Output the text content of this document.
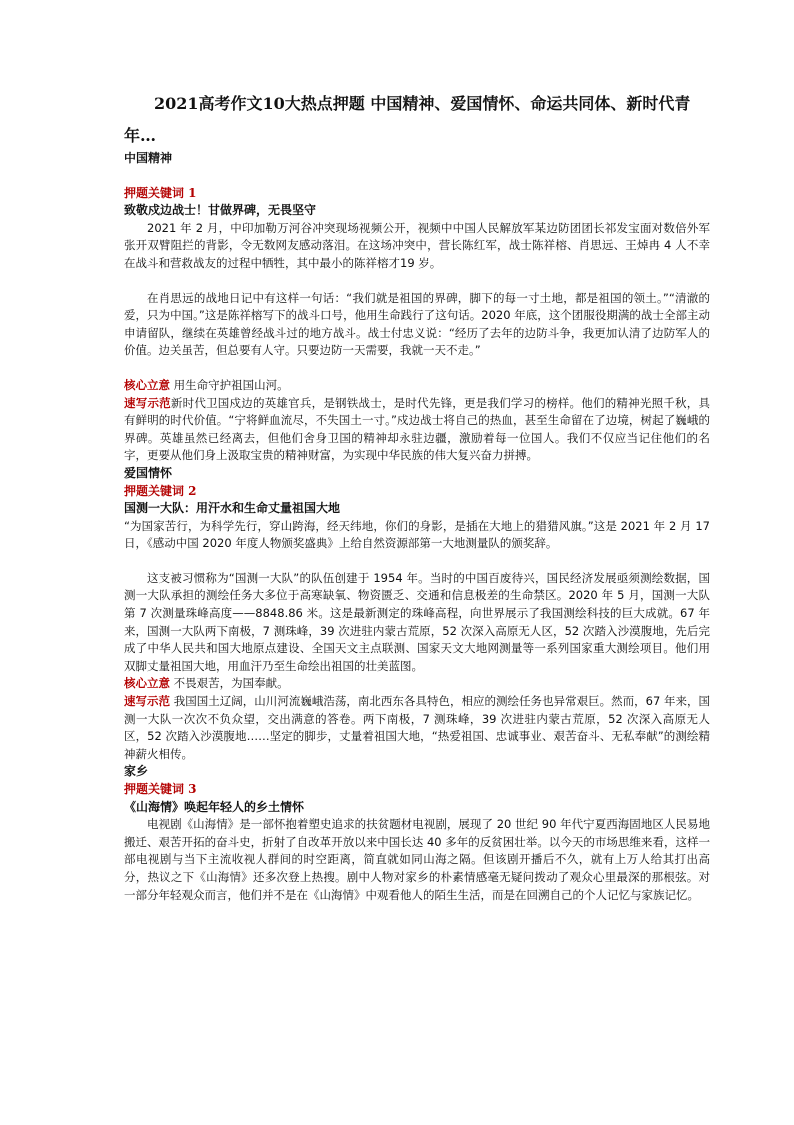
2021高考作文10大热点押题 中国精神、爱国情怀、命运共同体、新时代青年…

中国精神

押题关键词 1

致敬戍边战士！甘做界碑，无畏坚守

2021 年 2 月，中印加勒万河谷冲突现场视频公开，视频中中国人民解放军某边防团团长祁发宝面对数倍外军张开双臂阻拦的背影，令无数网友感动落泪。在这场冲突中，营长陈红军，战士陈祥榕、肖思远、王焯冉 4 人不幸在战斗和营救战友的过程中牺牲，其中最小的陈祥榕才19 岁。

在肖思远的战地日记中有这样一句话：“我们就是祖国的界碑，脚下的每一寸土地，都是祖国的领土。”“清澈的爱，只为中国。”这是陈祥榕写下的战斗口号，他用生命践行了这句话。2020 年底，这个团服役期满的战士全部主动申请留队，继续在英雄曾经战斗过的地方战斗。战士付忠义说：“经历了去年的边防斗争，我更加认清了边防军人的价值。边关虽苦，但总要有人守。只要边防一天需要，我就一天不走。”

核心立意 用生命守护祖国山河。

速写示范新时代卫国戍边的英雄官兵，是钢铁战士，是时代先锋，更是我们学习的榜样。他们的精神光照千秋，具有鲜明的时代价值。“宁将鲜血流尽，不失国土一寸。”戍边战士将自己的热血，甚至生命留在了边境，树起了巍峨的界碑。英雄虽然已经离去，但他们舍身卫国的精神却永驻边疆，激励着每一位国人。我们不仅应当记住他们的名字，更要从他们身上汲取宝贵的精神财富，为实现中华民族的伟大复兴奋力拼搏。

爱国情怀

押题关键词 2

国测一大队：用汗水和生命丈量祖国大地

“为国家苦行，为科学先行，穿山跨海，经天纬地，你们的身影，是插在大地上的猎猎风旗。”这是 2021 年 2 月 17 日，《感动中国 2020 年度人物颁奖盛典》上给自然资源部第一大地测量队的颁奖辞。

这支被习惯称为“国测一大队”的队伍创建于 1954 年。当时的中国百废待兴，国民经济发展亟须测绘数据，国测一大队承担的测绘任务大多位于高寒缺氧、物资匮乏、交通和信息极差的生命禁区。2020 年 5 月，国测一大队第 7 次测量珠峰高度——8848.86 米。这是最新测定的珠峰高程，向世界展示了我国测绘科技的巨大成就。67 年来，国测一大队两下南极，7 测珠峰，39 次进驻内蒙古荒原，52 次深入高原无人区，52 次踏入沙漠腹地，先后完成了中华人民共和国大地原点建设、全国天文主点联测、国家天文大地网测量等一系列国家重大测绘项目。他们用双脚丈量祖国大地，用血汗乃至生命绘出祖国的壮美蓝图。

核心立意 不畏艰苦，为国奉献。

速写示范 我国国土辽阔，山川河流巍峨浩荡，南北西东各具特色，相应的测绘任务也异常艰巨。然而，67 年来，国测一大队一次次不负众望，交出满意的答卷。两下南极，7 测珠峰，39 次进驻内蒙古荒原，52 次深入高原无人区，52 次踏入沙漠腹地……坚定的脚步，丈量着祖国大地，“热爱祖国、忠诚事业、艰苦奋斗、无私奉献”的测绘精神薪火相传。

家乡

押题关键词 3

《山海情》唤起年轻人的乡土情怀

电视剧《山海情》是一部怀抱着塑史追求的扶贫题材电视剧，展现了 20 世纪 90 年代宁夏西海固地区人民易地搬迁、艰苦开拓的奋斗史，折射了自改革开放以来中国长达 40 多年的反贫困壮举。以今天的市场思维来看，这样一部电视剧与当下主流收视人群间的时空距离，简直就如同山海之隔。但该剧开播后不久，就有上万人给其打出高分，热议之下《山海情》还多次登上热搜。剧中人物对家乡的朴素情感毫无疑问拨动了观众心里最深的那根弦。对一部分年轻观众而言，他们并不是在《山海情》中观看他人的陌生生活，而是在回溯自己的个人记忆与家族记忆。
